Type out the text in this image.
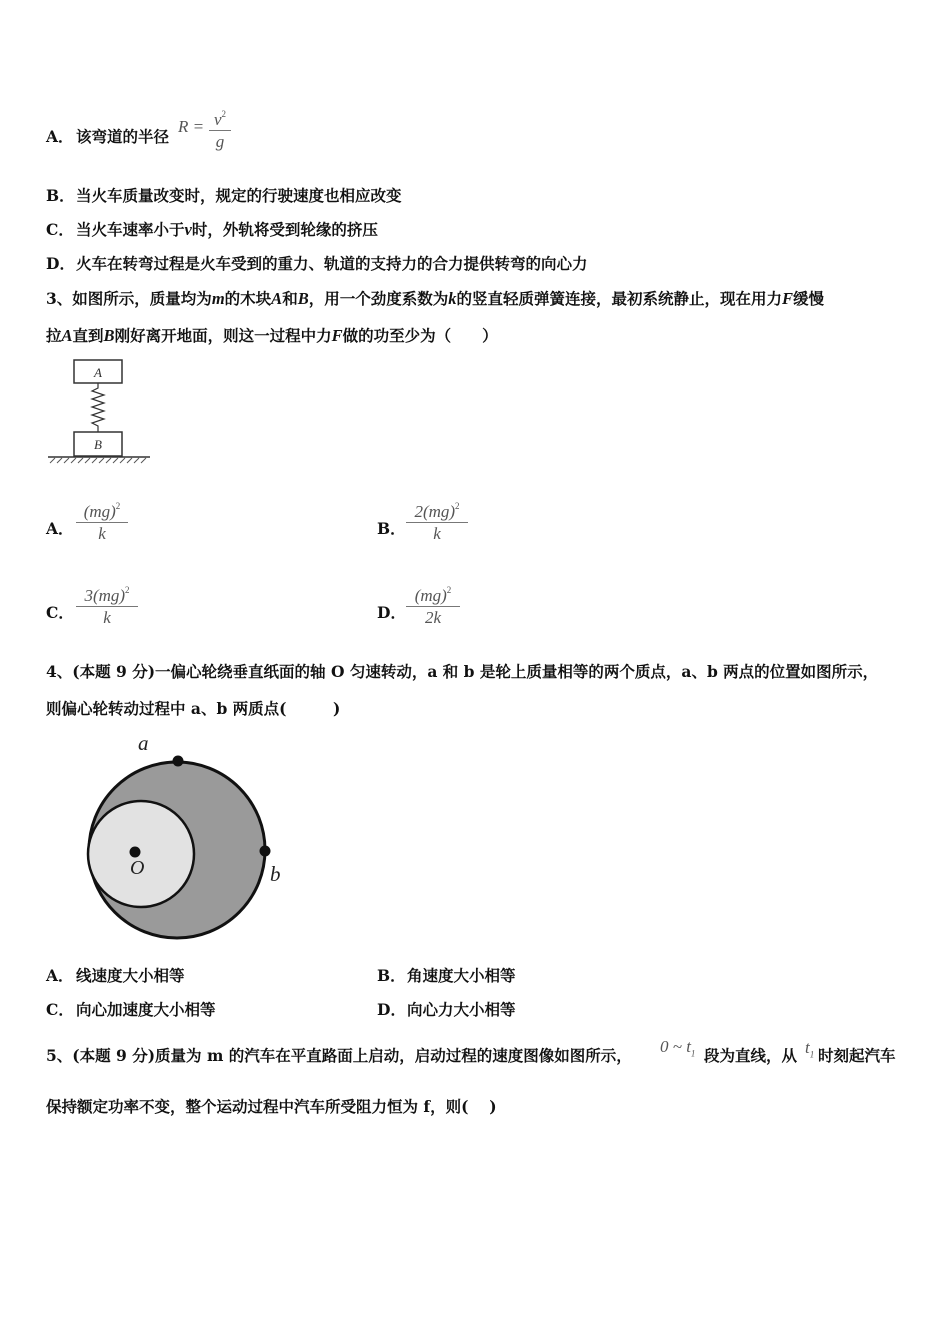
A． 该弯道的半径
$R = \frac{v^2}{g}$
B．当火车质量改变时，规定的行驶速度也相应改变
C． 当火车速率小于v时，外轨将受到轮缘的挤压
D．火车在转弯过程是火车受到的重力、轨道的支持力的合力提供转弯的向心力
3、如图所示，质量均为m的木块A和B，用一个劲度系数为k的竖直轻质弹簧连接，最初系统静止，现在用力F缓慢
拉A直到B刚好离开地面，则这一过程中力F做的功至少为（　　）
A
B
A． $\frac{(mg)^2}{k}$	B． $\frac{2(mg)^2}{k}$
C． $\frac{3(mg)^2}{k}$	D． $\frac{(mg)^2}{2k}$
4、(本题 9 分)一偏心轮绕垂直纸面的轴 O 匀速转动，a 和 b 是轮上质量相等的两个质点，a、b 两点的位置如图所示，
则偏心轮转动过程中 a、b 两质点(　　　)
a
O	b
A． 线速度大小相等	B．角速度大小相等
C． 向心加速度大小相等	D．向心力大小相等
5、(本题 9 分)质量为 m 的汽车在平直路面上启动，启动过程的速度图像如图所示， 0 ~ $t_1$ 段为直线，从 $t_1$ 时刻起汽车
保持额定功率不变，整个运动过程中汽车所受阻力恒为 f，则(　 )
